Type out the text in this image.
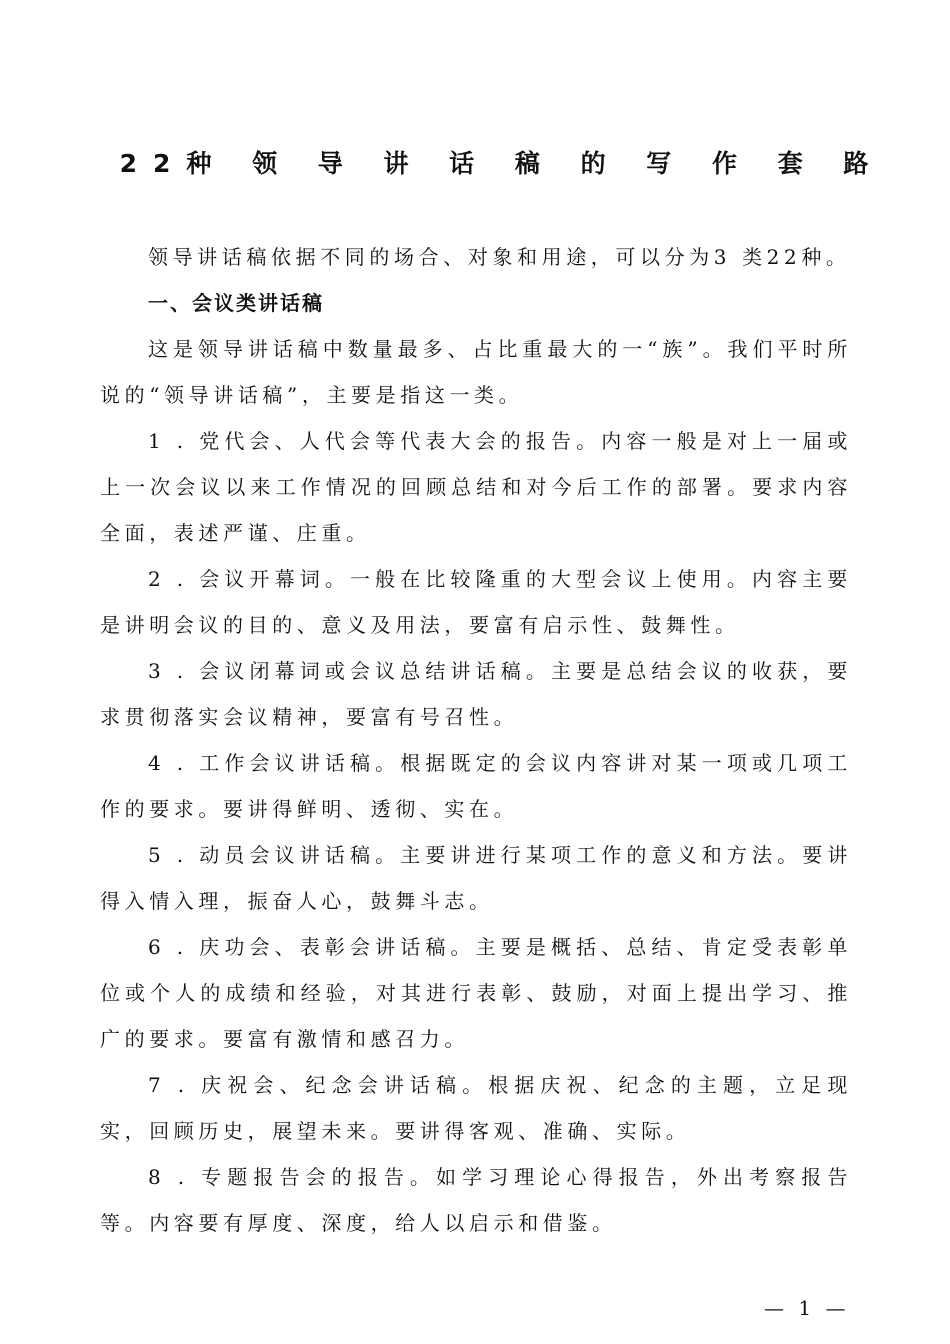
22种 领 导 讲 话 稿 的 写 作 套 路

领导讲话稿依据不同的场合、对象和用途，可以分为3 类22种。

一、会议类讲话稿

这是领导讲话稿中数量最多、占比重最大的一“族”。我们平时所说的“领导讲话稿”，主要是指这一类。

1 . 党代会、人代会等代表大会的报告。内容一般是对上一届或上一次会议以来工作情况的回顾总结和对今后工作的部署。要求内容全面，表述严谨、庄重。

2 . 会议开幕词。一般在比较隆重的大型会议上使用。内容主要是讲明会议的目的、意义及用法，要富有启示性、鼓舞性。

3 . 会议闭幕词或会议总结讲话稿。主要是总结会议的收获，要求贯彻落实会议精神，要富有号召性。

4 . 工作会议讲话稿。根据既定的会议内容讲对某一项或几项工作的要求。要讲得鲜明、透彻、实在。

5 . 动员会议讲话稿。主要讲进行某项工作的意义和方法。要讲得入情入理，振奋人心，鼓舞斗志。

6 . 庆功会、表彰会讲话稿。主要是概括、总结、肯定受表彰单位或个人的成绩和经验，对其进行表彰、鼓励，对面上提出学习、推广的要求。要富有激情和感召力。

7 . 庆祝会、纪念会讲话稿。根据庆祝、纪念的主题，立足现实，回顾历史，展望未来。要讲得客观、准确、实际。

8 . 专题报告会的报告。如学习理论心得报告，外出考察报告等。内容要有厚度、深度，给人以启示和借鉴。

— 1 —
